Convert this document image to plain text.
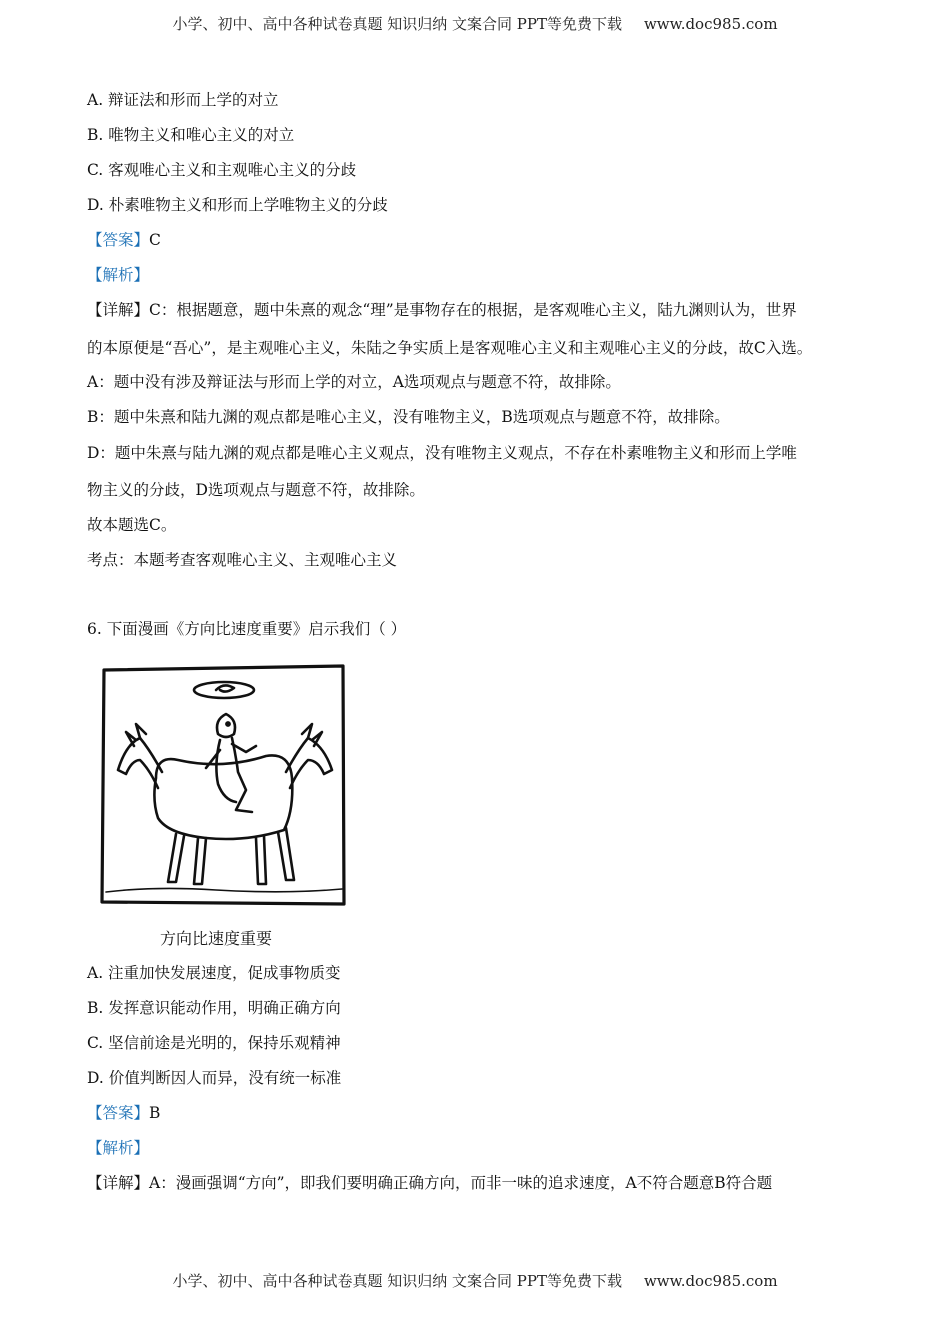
小学、初中、高中各种试卷真题 知识归纳 文案合同 PPT等免费下载 www.doc985.com
A. 辩证法和形而上学的对立
B. 唯物主义和唯心主义的对立
C. 客观唯心主义和主观唯心主义的分歧
D. 朴素唯物主义和形而上学唯物主义的分歧
【答案】C
【解析】
【详解】C：根据题意，题中朱熹的观念“理”是事物存在的根据，是客观唯心主义，陆九渊则认为，世界
的本原便是“吾心”，是主观唯心主义，朱陆之争实质上是客观唯心主义和主观唯心主义的分歧，故C入选。
A：题中没有涉及辩证法与形而上学的对立，A选项观点与题意不符，故排除。
B：题中朱熹和陆九渊的观点都是唯心主义，没有唯物主义，B选项观点与题意不符，故排除。
D：题中朱熹与陆九渊的观点都是唯心主义观点，没有唯物主义观点，不存在朴素唯物主义和形而上学唯
物主义的分歧，D选项观点与题意不符，故排除。
故本题选C。
考点：本题考查客观唯心主义、主观唯心主义
6. 下面漫画《方向比速度重要》启示我们（ ）
方向比速度重要
A. 注重加快发展速度，促成事物质变
B. 发挥意识能动作用，明确正确方向
C. 坚信前途是光明的，保持乐观精神
D. 价值判断因人而异，没有统一标准
【答案】B
【解析】
【详解】A：漫画强调“方向”，即我们要明确正确方向，而非一味的追求速度，A不符合题意B符合题
小学、初中、高中各种试卷真题 知识归纳 文案合同 PPT等免费下载 www.doc985.com
